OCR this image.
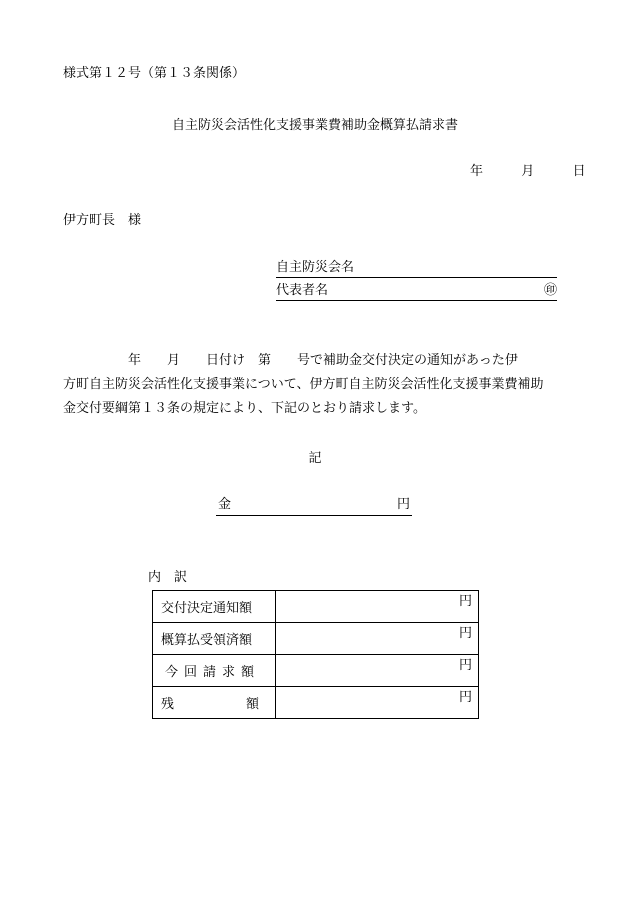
様式第１２号（第１３条関係）
自主防災会活性化支援事業費補助金概算払請求書
年	月	日
伊方町長　様
自主防災会名
代表者名	㊞

　　　　　年　　月　　日付け　第　　号で補助金交付決定の通知があった伊

方町自主防災会活性化支援事業について、伊方町自主防災会活性化支援事業費補助

金交付要綱第１３条の規定により、下記のとおり請求します。

記
金	円
内　訳
交付決定通知額	円

概算払受領済額	円

今回請求額	円

残 額	円
